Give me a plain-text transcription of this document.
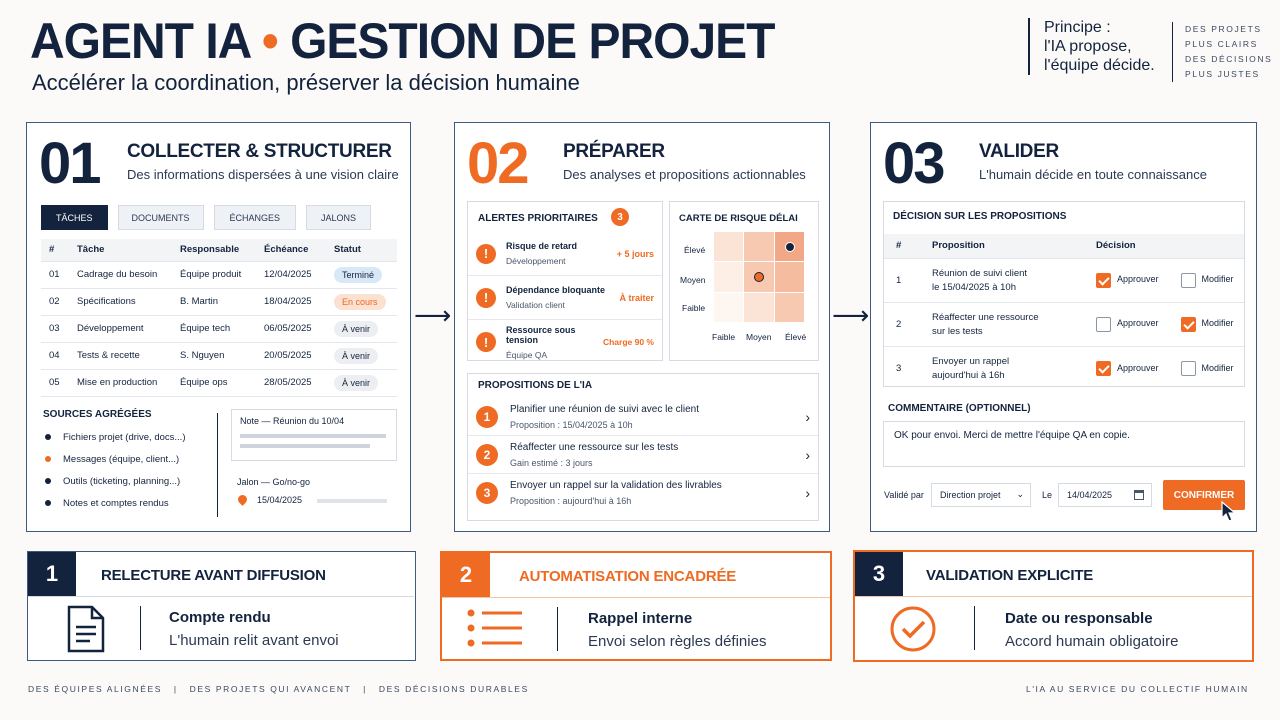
AGENT IA • GESTION DE PROJET
Accélérer la coordination, préserver la décision humaine
Principe :
l'IA propose,
l'équipe décide.
DES PROJETS
PLUS CLAIRS
DES DÉCISIONS
PLUS JUSTES
01 COLLECTER & STRUCTURER
Des informations dispersées à une vision claire
TÂCHES	DOCUMENTS	ÉCHANGES	JALONS
#	Tâche	Responsable	Échéance	Statut
01	Cadrage du besoin	Équipe produit	12/04/2025	Terminé
02	Spécifications	B. Martin	18/04/2025	En cours
03	Développement	Équipe tech	06/05/2025	À venir
04	Tests & recette	S. Nguyen	20/05/2025	À venir
05	Mise en production	Équipe ops	28/05/2025	À venir
SOURCES AGRÉGÉES
Fichiers projet (drive, docs...)
Messages (équipe, client...)
Outils (ticketing, planning...)
Notes et comptes rendus
Note — Réunion du 10/04
Jalon — Go/no-go
15/04/2025
⟶
02 PRÉPARER
Des analyses et propositions actionnables
ALERTES PRIORITAIRES	3
!	Risque de retard
Développement
+ 5 jours
!	Dépendance bloquante
Validation client
À traiter
!
Ressource sous tension
Équipe QA
Charge 90 %
CARTE DE RISQUE DÉLAI
Élevé
Moyen
Faible
Faible Moyen Élevé
PROPOSITIONS DE L'IA
1
Planifier une réunion de suivi avec le client
Proposition : 15/04/2025 à 10h	›
2
Réaffecter une ressource sur les tests
Gain estimé : 3 jours	›
3
Envoyer un rappel sur la validation des livrables
Proposition : aujourd'hui à 16h	›
⟶
03 VALIDER
L'humain décide en toute connaissance
DÉCISION SUR LES PROPOSITIONS
#	Proposition	Décision
1	Réunion de suivi client
le 15/04/2025 à 10h	Approuver Modifier
2	Réaffecter une ressource
sur les tests	Approuver Modifier
3	Envoyer un rappel
aujourd'hui à 16h	Approuver Modifier
COMMENTAIRE (OPTIONNEL)
OK pour envoi. Merci de mettre l'équipe QA en copie.
Validé par	Direction projet ⌄ Le	14/04/2025	CONFIRMER
1	RELECTURE AVANT DIFFUSION
Compte rendu
L'humain relit avant envoi
2	AUTOMATISATION ENCADRÉE
Rappel interne
Envoi selon règles définies
3	VALIDATION EXPLICITE
Date ou responsable
Accord humain obligatoire
DES ÉQUIPES ALIGNÉES   |   DES PROJETS QUI AVANCENT   |   DES DÉCISIONS DURABLES	L'IA AU SERVICE DU COLLECTIF HUMAIN
